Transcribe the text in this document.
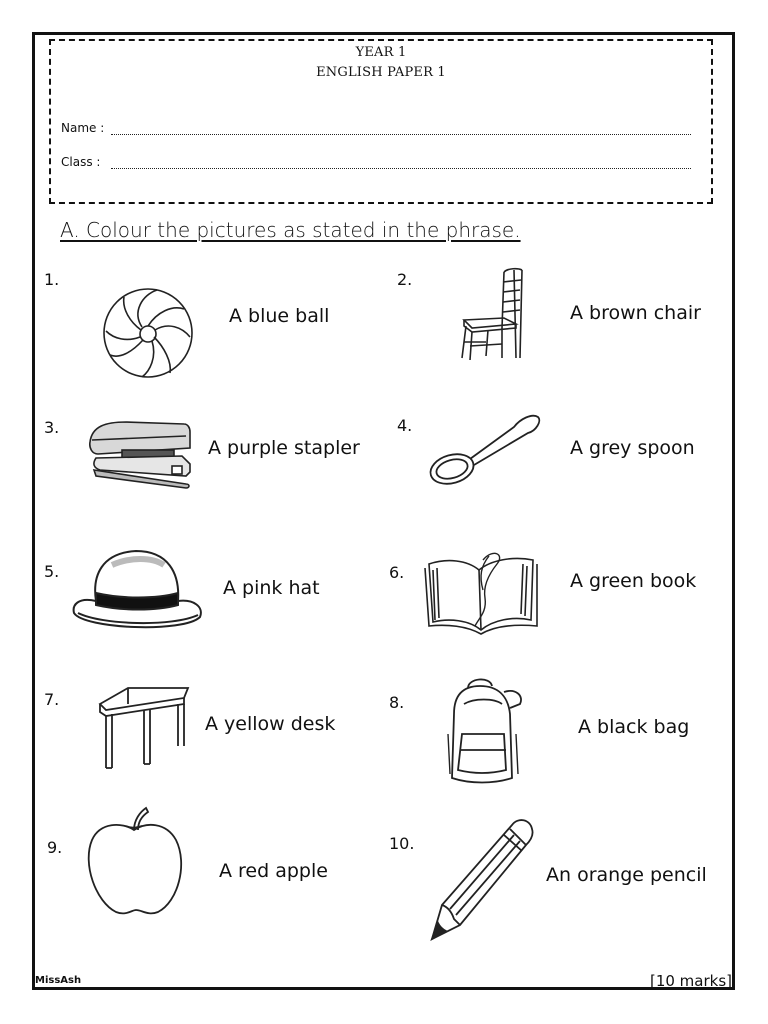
YEAR 1
ENGLISH PAPER 1
Name :
Class :
A. Colour the pictures as stated in the phrase.
1.
A blue ball
2.
A brown chair
3.
A purple stapler
4.
A grey spoon
5.
A pink hat
6.	A green book
7.
A yellow desk
8.
A black bag
9.
A red apple
10.
An orange pencil
MissAsh	[10 marks]
